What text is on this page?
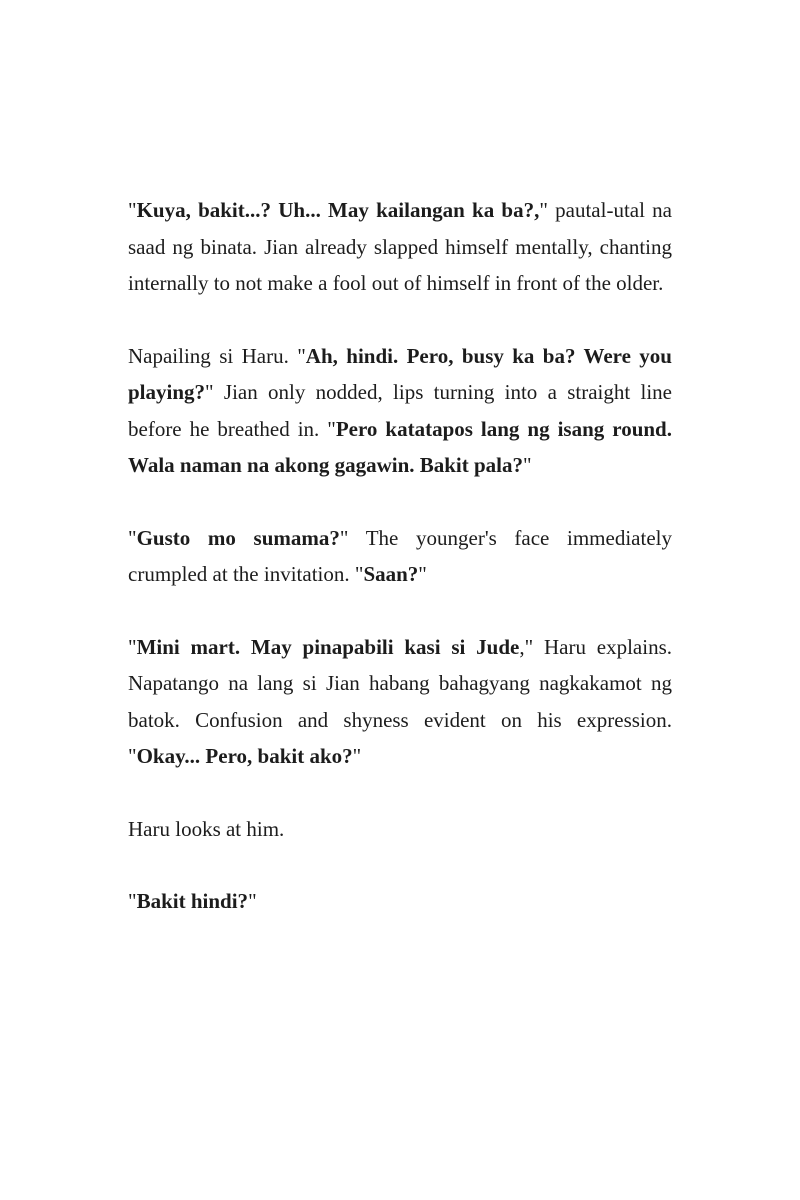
"Kuya, bakit...? Uh... May kailangan ka ba?," pautal-utal na saad ng binata. Jian already slapped himself mentally, chanting internally to not make a fool out of himself in front of the older.

Napailing si Haru. "Ah, hindi. Pero, busy ka ba? Were you playing?" Jian only nodded, lips turning into a straight line before he breathed in. "Pero katatapos lang ng isang round. Wala naman na akong gagawin. Bakit pala?"

"Gusto mo sumama?" The younger's face immediately crumpled at the invitation. "Saan?"

"Mini mart. May pinapabili kasi si Jude," Haru explains. Napatango na lang si Jian habang bahagyang nagkakamot ng batok. Confusion and shyness evident on his expression. "Okay... Pero, bakit ako?"

Haru looks at him.

"Bakit hindi?"
